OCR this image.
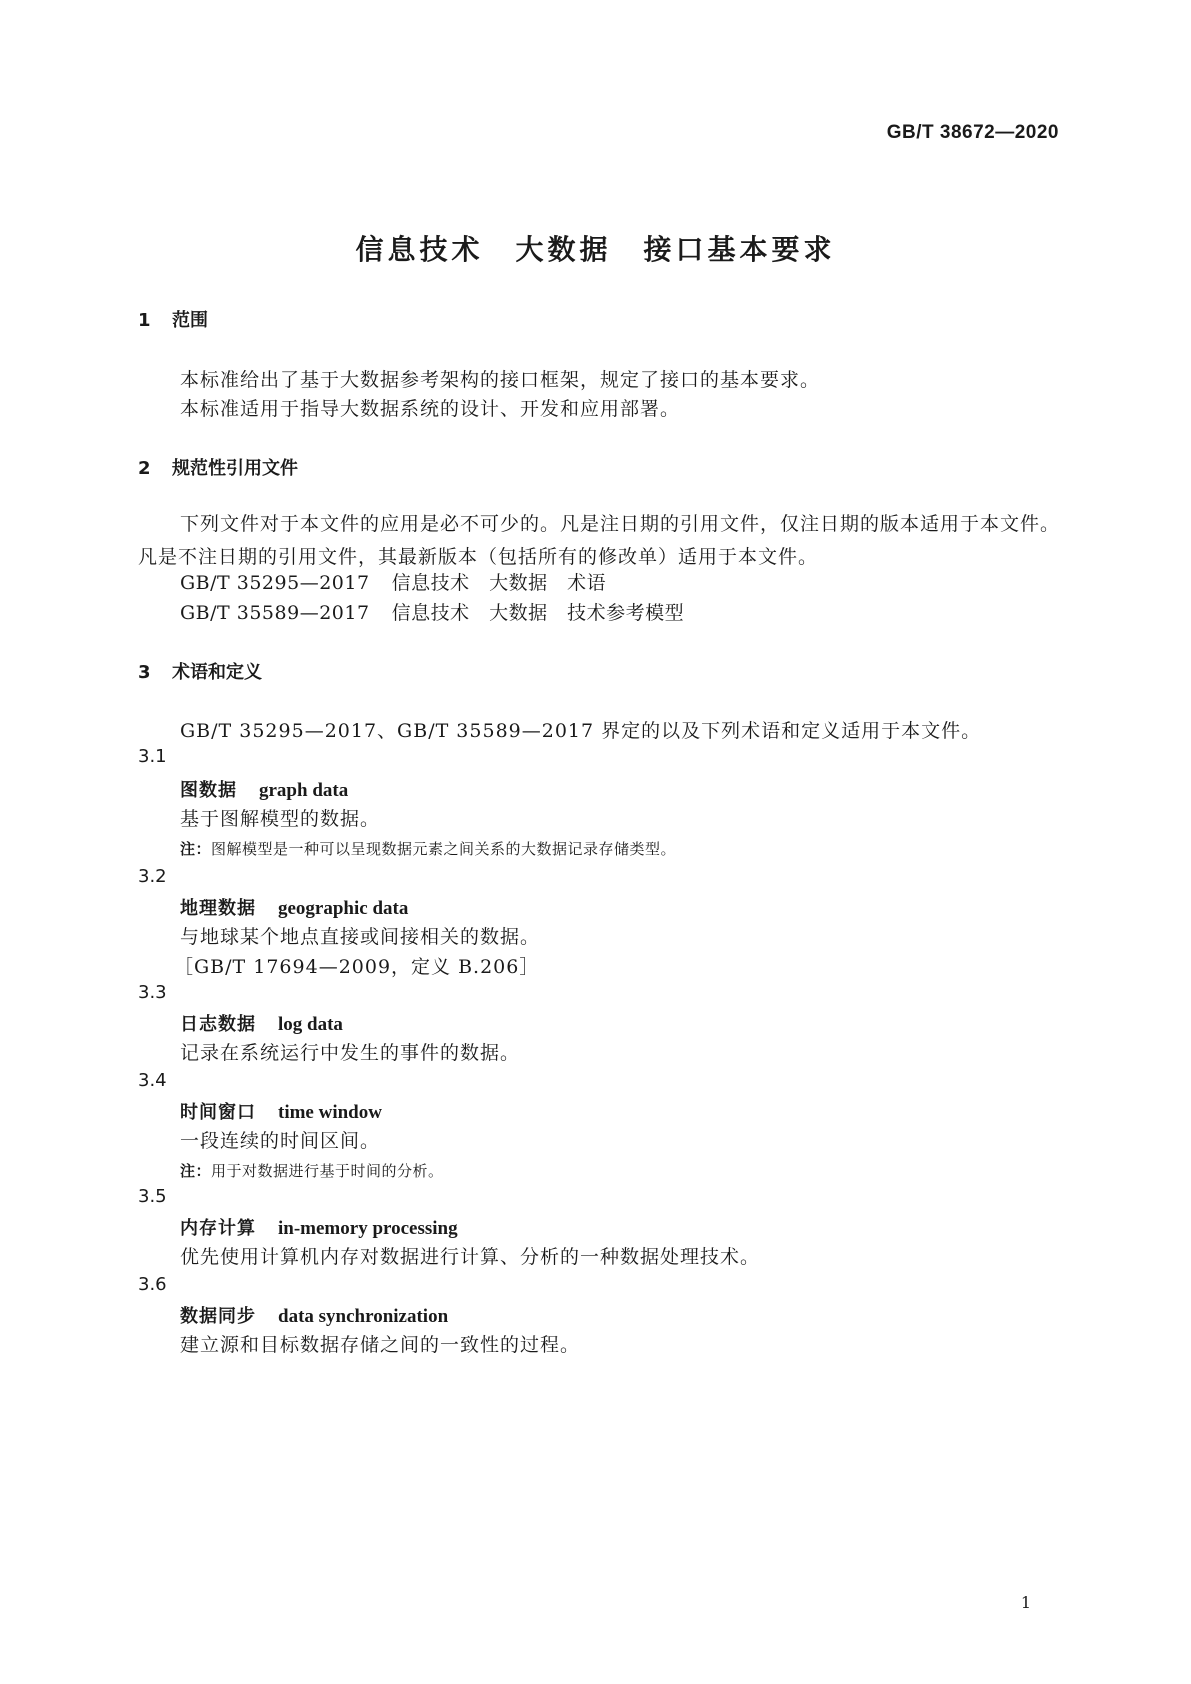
GB/T 38672—2020
信息技术　大数据　接口基本要求
1 范围
本标准给出了基于大数据参考架构的接口框架，规定了接口的基本要求。
本标准适用于指导大数据系统的设计、开发和应用部署。
2 规范性引用文件
下列文件对于本文件的应用是必不可少的。凡是注日期的引用文件，仅注日期的版本适用于本文件。凡是不注日期的引用文件，其最新版本（包括所有的修改单）适用于本文件。
GB/T 35295—2017 信息技术　大数据　术语
GB/T 35589—2017 信息技术　大数据　技术参考模型
3 术语和定义
GB/T 35295—2017、GB/T 35589—2017 界定的以及下列术语和定义适用于本文件。
3.1
图数据 graph data
基于图解模型的数据。
注：图解模型是一种可以呈现数据元素之间关系的大数据记录存储类型。
3.2
地理数据 geographic data
与地球某个地点直接或间接相关的数据。
［GB/T 17694—2009，定义 B.206］
3.3
日志数据 log data
记录在系统运行中发生的事件的数据。
3.4
时间窗口 time window
一段连续的时间区间。
注：用于对数据进行基于时间的分析。
3.5
内存计算 in-memory processing
优先使用计算机内存对数据进行计算、分析的一种数据处理技术。
3.6
数据同步 data synchronization
建立源和目标数据存储之间的一致性的过程。
1
